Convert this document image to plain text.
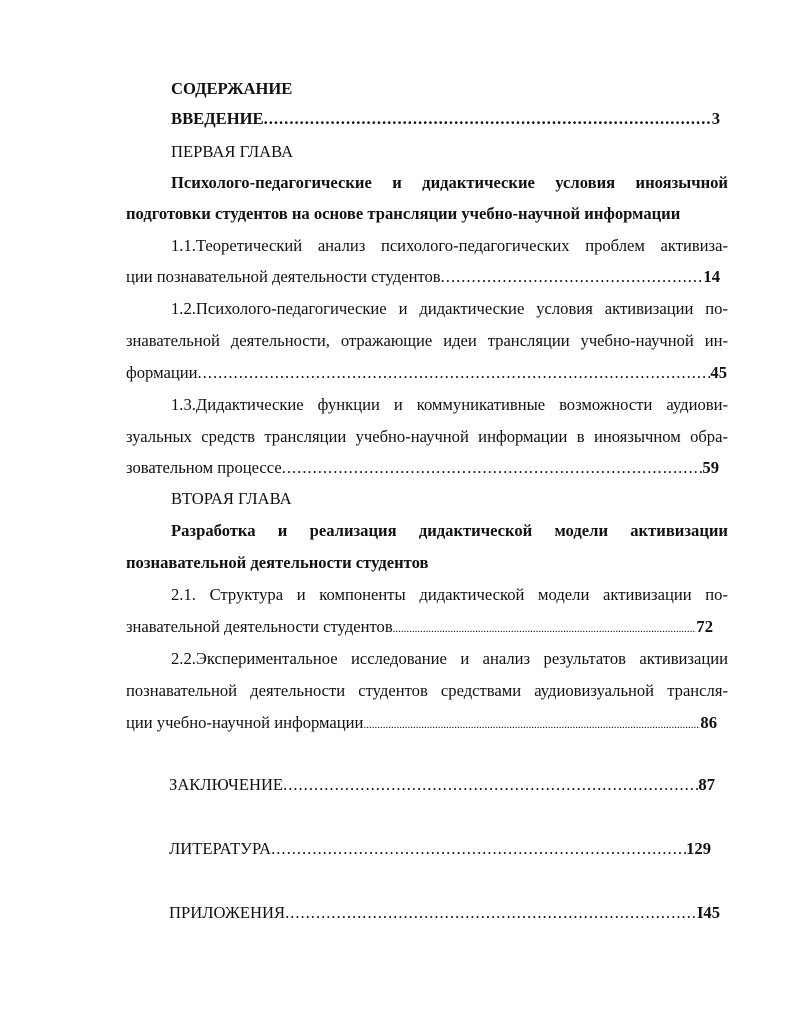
СОДЕРЖАНИЕ
ВВЕДЕНИЕ .....	3
ПЕРВАЯ ГЛАВА
Психолого-педагогические и дидактические условия иноязычной
подготовки студентов на основе трансляции учебно-научной информации
1.1.Теоретический анализ психолого-педагогических проблем активиза-
ции познавательной деятельности студентов .....	14
1.2.Психолого-педагогические и дидактические условия активизации по-
знавательной деятельности, отражающие идеи трансляции учебно-научной ин-
формации .....	45
1.3.Дидактические функции и коммуникативные возможности аудиови-
зуальных средств трансляции учебно-научной информации в иноязычном обра-
зовательном процессе .....	59
ВТОРАЯ ГЛАВА
Разработка и реализация дидактической модели активизации
познавательной деятельности студентов
2.1. Структура и компоненты дидактической модели активизации по-
знавательной деятельности студентов .....	72
2.2.Экспериментальное исследование и анализ результатов активизации
познавательной деятельности студентов средствами аудиовизуальной трансля-
ции учебно-научной информации .....	86
ЗАКЛЮЧЕНИЕ .....	87
ЛИТЕРАТУРА .....	129
ПРИЛОЖЕНИЯ .....	I45
